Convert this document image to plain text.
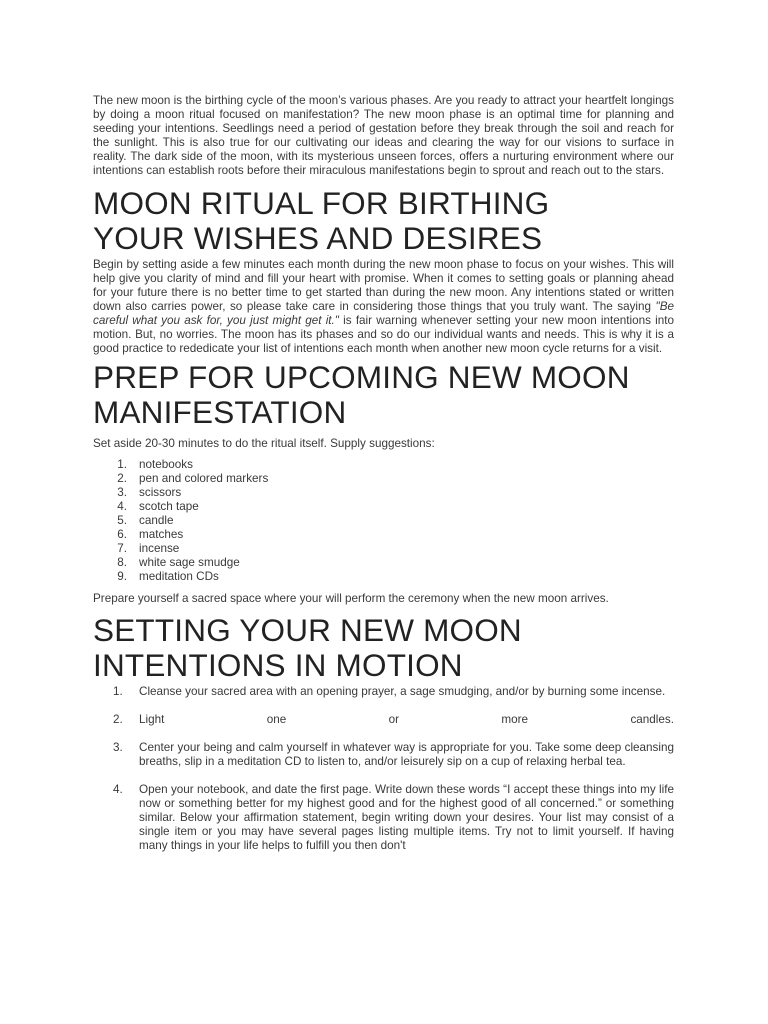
The new moon is the birthing cycle of the moon’s various phases. Are you ready to attract your heartfelt longings by doing a moon ritual focused on manifestation? The new moon phase is an optimal time for planning and seeding your intentions. Seedlings need a period of gestation before they break through the soil and reach for the sunlight. This is also true for our cultivating our ideas and clearing the way for our visions to surface in reality. The dark side of the moon, with its mysterious unseen forces, offers a nurturing environment where our intentions can establish roots before their miraculous manifestations begin to sprout and reach out to the stars.

MOON RITUAL FOR BIRTHING
YOUR WISHES AND DESIRES

Begin by setting aside a few minutes each month during the new moon phase to focus on your wishes. This will help give you clarity of mind and fill your heart with promise. When it comes to setting goals or planning ahead for your future there is no better time to get started than during the new moon. Any intentions stated or written down also carries power, so please take care in considering those things that you truly want. The saying "Be careful what you ask for, you just might get it." is fair warning whenever setting your new moon intentions into motion. But, no worries. The moon has its phases and so do our individual wants and needs. This is why it is a good practice to rededicate your list of intentions each month when another new moon cycle returns for a visit.

PREP FOR UPCOMING NEW MOON
MANIFESTATION

Set aside 20-30 minutes to do the ritual itself. Supply suggestions:

1. notebooks
2. pen and colored markers
3. scissors
4. scotch tape
5. candle
6. matches
7. incense
8. white sage smudge
9. meditation CDs

Prepare yourself a sacred space where your will perform the ceremony when the new moon arrives.

SETTING YOUR NEW MOON
INTENTIONS IN MOTION
1.	Cleanse your sacred area with an opening prayer, a sage smudging, and/or by burning some incense.
2.	Light one or more candles.
3.	Center your being and calm yourself in whatever way is appropriate for you. Take some deep cleansing breaths, slip in a meditation CD to listen to, and/or leisurely sip on a cup of relaxing herbal tea.
4.	Open your notebook, and date the first page. Write down these words “I accept these things into my life now or something better for my highest good and for the highest good of all concerned.” or something similar. Below your affirmation statement, begin writing down your desires. Your list may consist of a single item or you may have several pages listing multiple items. Try not to limit yourself. If having many things in your life helps to fulfill you then don't
